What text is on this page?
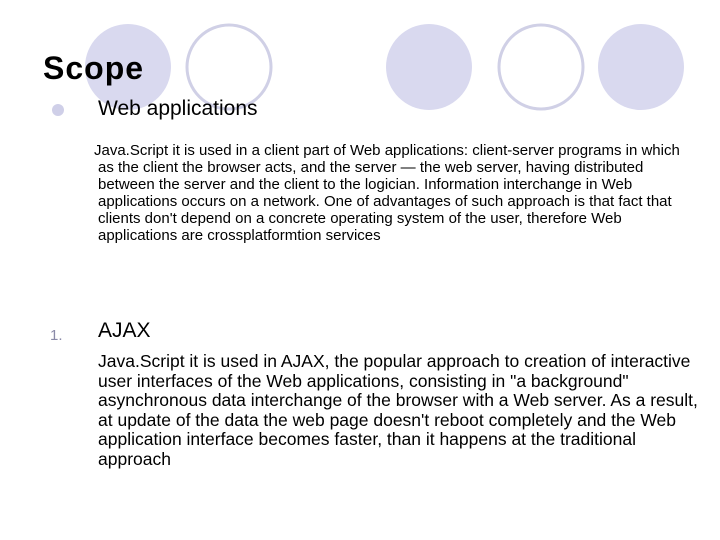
Scope
Web applications

Java.Script it is used in a client part of Web applications: client-server programs in which as the client the browser acts, and the server — the web server, having distributed between the server and the client to the logician. Information interchange in Web applications occurs on a network. One of advantages of such approach is that fact that clients don't depend on a concrete operating system of the user, therefore Web applications are crossplatformtion services

1. AJAX

Java.Script it is used in AJAX, the popular approach to creation of interactive user interfaces of the Web applications, consisting in "a background" asynchronous data interchange of the browser with a Web server. As a result, at update of the data the web page doesn't reboot completely and the Web application interface becomes faster, than it happens at the traditional approach
